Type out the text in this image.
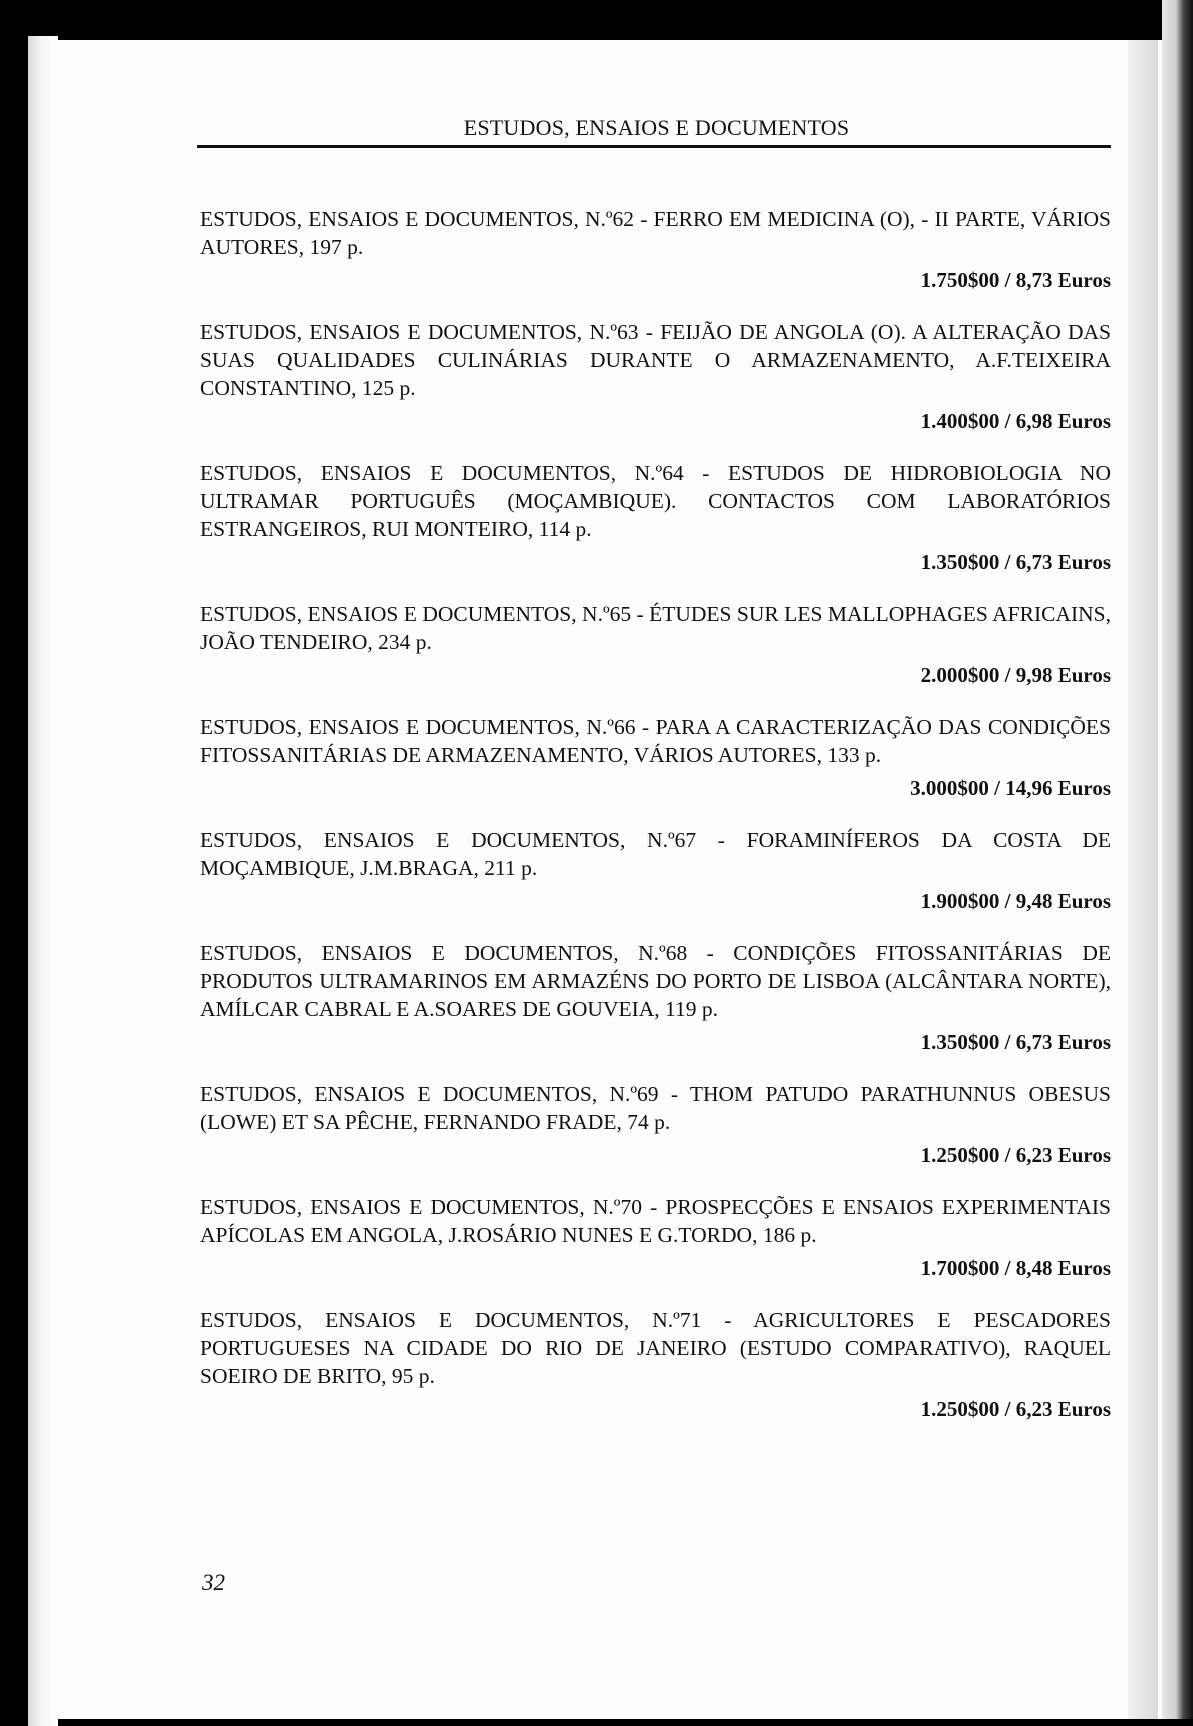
ESTUDOS, ENSAIOS E DOCUMENTOS

ESTUDOS, ENSAIOS E DOCUMENTOS, N.º62 - FERRO EM MEDICINA (O), - II PARTE, VÁRIOS AUTORES, 197 p.

1.750$00 / 8,73 Euros

ESTUDOS, ENSAIOS E DOCUMENTOS, N.º63 - FEIJÃO DE ANGOLA (O). A ALTERAÇÃO DAS SUAS QUALIDADES CULINÁRIAS DURANTE O ARMAZENAMENTO, A.F.TEIXEIRA CONSTANTINO, 125 p.

1.400$00 / 6,98 Euros

ESTUDOS, ENSAIOS E DOCUMENTOS, N.º64 - ESTUDOS DE HIDROBIOLOGIA NO ULTRAMAR PORTUGUÊS (MOÇAMBIQUE). CONTACTOS COM LABORATÓRIOS ESTRANGEIROS, RUI MONTEIRO, 114 p.

1.350$00 / 6,73 Euros

ESTUDOS, ENSAIOS E DOCUMENTOS, N.º65 - ÉTUDES SUR LES MALLOPHAGES AFRICAINS, JOÃO TENDEIRO, 234 p.

2.000$00 / 9,98 Euros

ESTUDOS, ENSAIOS E DOCUMENTOS, N.º66 - PARA A CARACTERIZAÇÃO DAS CONDIÇÕES FITOSSANITÁRIAS DE ARMAZENAMENTO, VÁRIOS AUTORES, 133 p.

3.000$00 / 14,96 Euros

ESTUDOS, ENSAIOS E DOCUMENTOS, N.º67 - FORAMINÍFEROS DA COSTA DE MOÇAMBIQUE, J.M.BRAGA, 211 p.

1.900$00 / 9,48 Euros

ESTUDOS, ENSAIOS E DOCUMENTOS, N.º68 - CONDIÇÕES FITOSSANITÁRIAS DE PRODUTOS ULTRAMARINOS EM ARMAZÉNS DO PORTO DE LISBOA (ALCÂNTARA NORTE), AMÍLCAR CABRAL E A.SOARES DE GOUVEIA, 119 p.

1.350$00 / 6,73 Euros

ESTUDOS, ENSAIOS E DOCUMENTOS, N.º69 - THOM PATUDO PARATHUNNUS OBESUS (LOWE) ET SA PÊCHE, FERNANDO FRADE, 74 p.

1.250$00 / 6,23 Euros

ESTUDOS, ENSAIOS E DOCUMENTOS, N.º70 - PROSPECÇÕES E ENSAIOS EXPERIMENTAIS APÍCOLAS EM ANGOLA, J.ROSÁRIO NUNES E G.TORDO, 186 p.

1.700$00 / 8,48 Euros

ESTUDOS, ENSAIOS E DOCUMENTOS, N.º71 - AGRICULTORES E PESCADORES PORTUGUESES NA CIDADE DO RIO DE JANEIRO (ESTUDO COMPARATIVO), RAQUEL SOEIRO DE BRITO, 95 p.

1.250$00 / 6,23 Euros
32
